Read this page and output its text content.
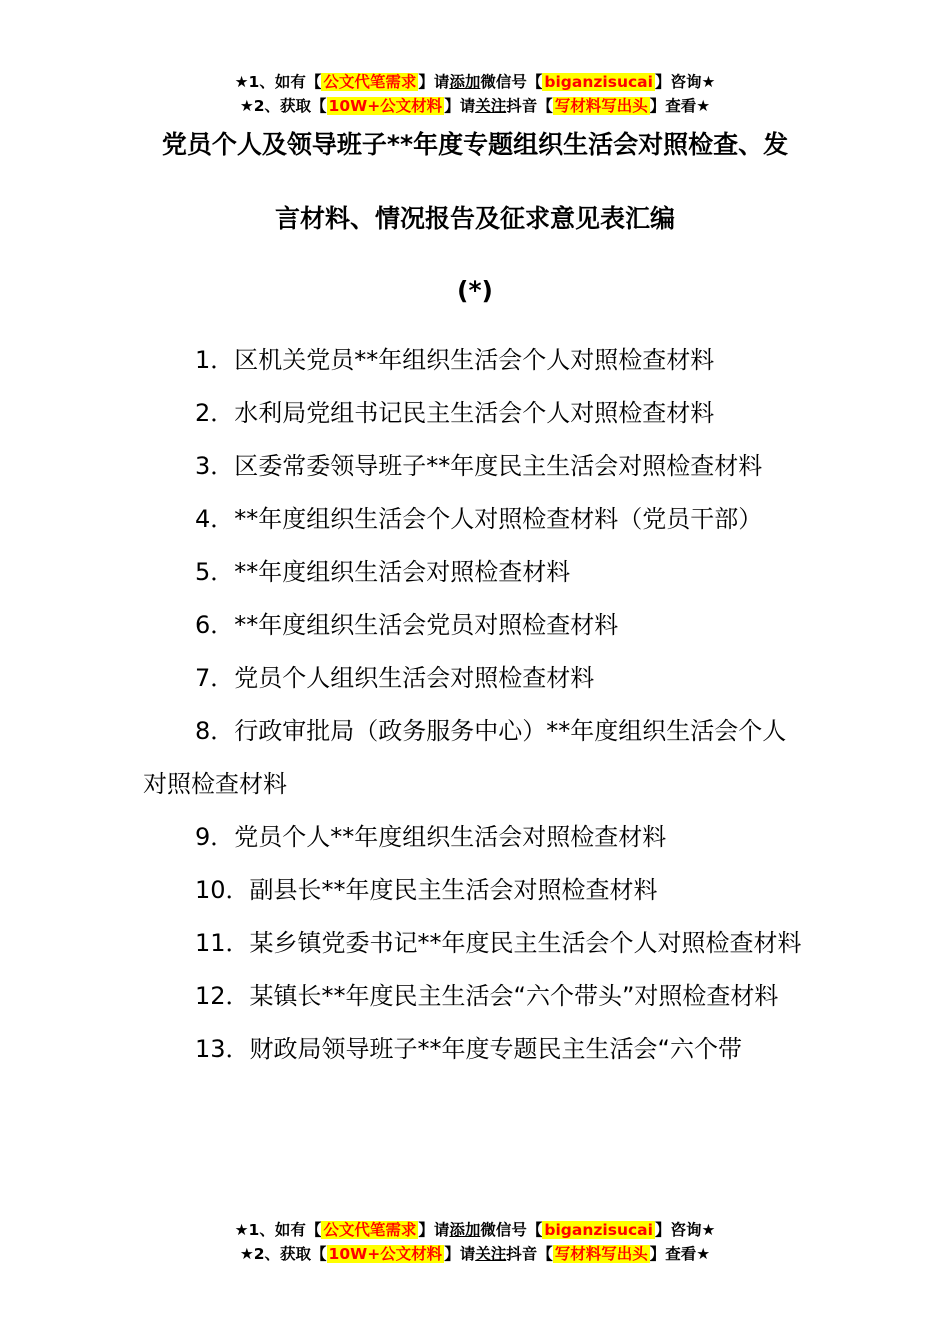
★1、如有【 公文代笔需求 】请添加微信号【 biganzisucai 】咨询★
★2、获取【 10W+公文材料 】请关注抖音【 写材料写出头 】查看★
党员个人及领导班子**年度专题组织生活会对照检查、发
言材料、情况报告及征求意见表汇编
(*)

1．区机关党员**年组织生活会个人对照检查材料

2．水利局党组书记民主生活会个人对照检查材料

3．区委常委领导班子**年度民主生活会对照检查材料

4．**年度组织生活会个人对照检查材料（党员干部）

5．**年度组织生活会对照检查材料

6．**年度组织生活会党员对照检查材料

7．党员个人组织生活会对照检查材料

8．行政审批局（政务服务中心）**年度组织生活会个人对照检查材料

9．党员个人**年度组织生活会对照检查材料

10．副县长**年度民主生活会对照检查材料

11．某乡镇党委书记**年度民主生活会个人对照检查材料

12．某镇长**年度民主生活会“六个带头”对照检查材料

13．财政局领导班子**年度专题民主生活会“六个带

★1、如有【 公文代笔需求 】请添加微信号【 biganzisucai 】咨询★
★2、获取【 10W+公文材料 】请关注抖音【 写材料写出头 】查看★
